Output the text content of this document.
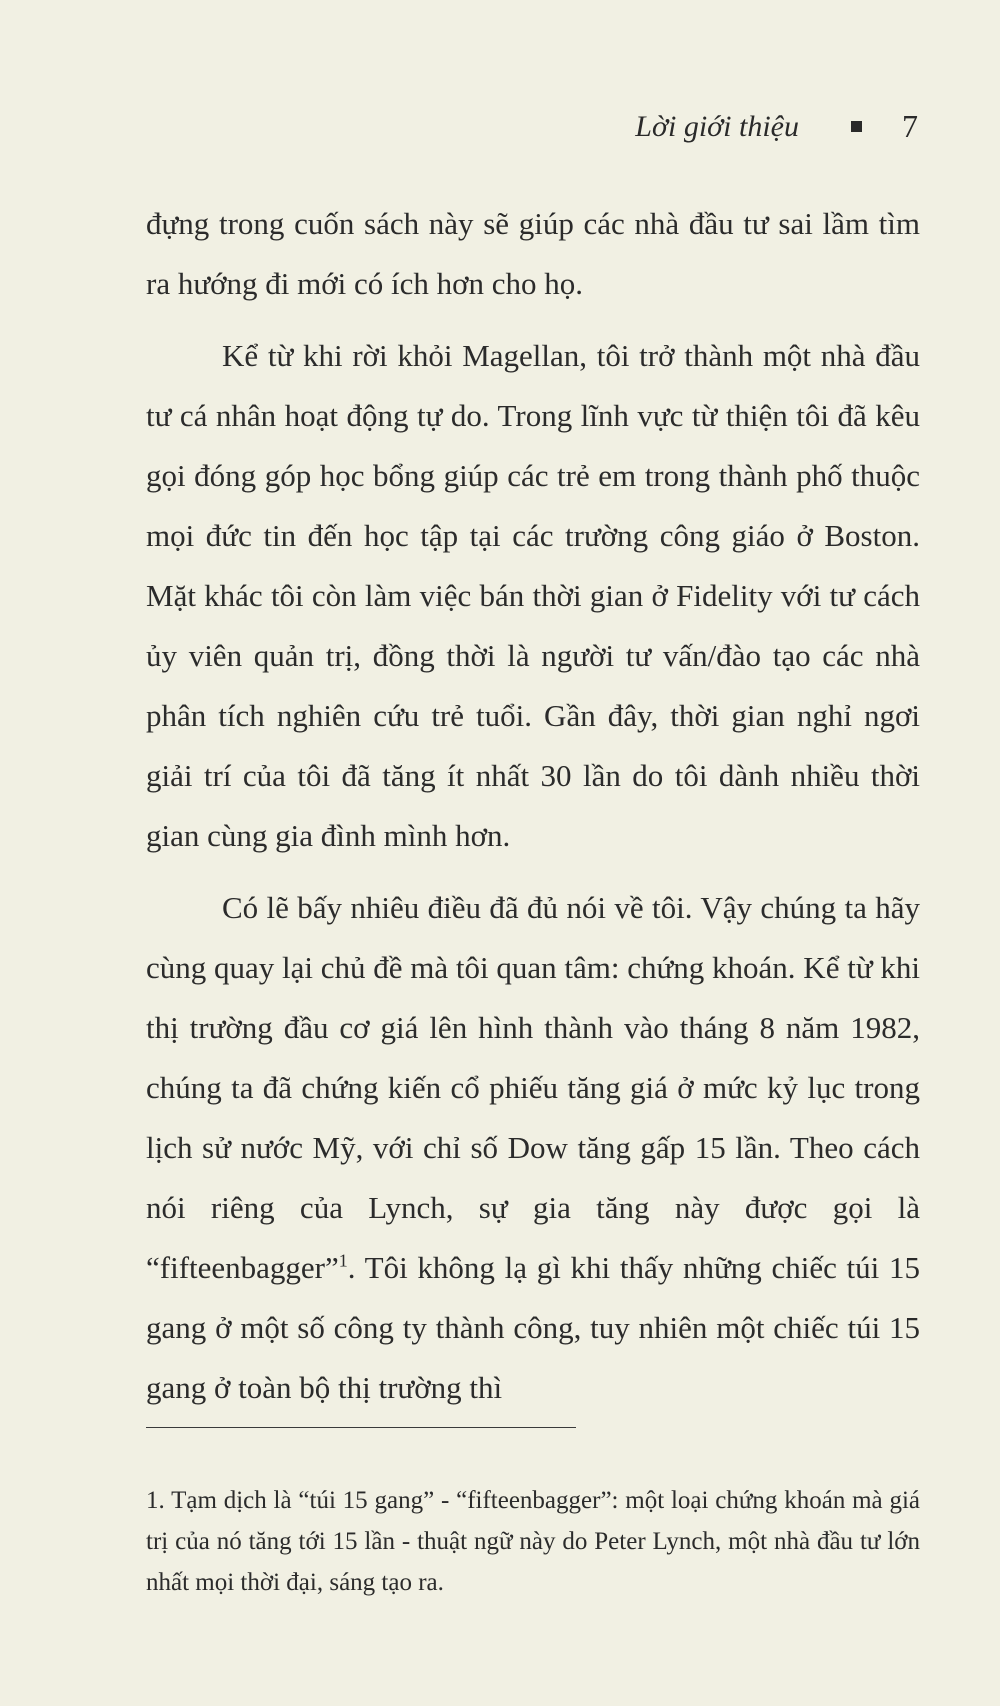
Lời giới thiệu	7

đựng trong cuốn sách này sẽ giúp các nhà đầu tư sai lầm tìm ra hướng đi mới có ích hơn cho họ.

Kể từ khi rời khỏi Magellan, tôi trở thành một nhà đầu tư cá nhân hoạt động tự do. Trong lĩnh vực từ thiện tôi đã kêu gọi đóng góp học bổng giúp các trẻ em trong thành phố thuộc mọi đức tin đến học tập tại các trường công giáo ở Boston. Mặt khác tôi còn làm việc bán thời gian ở Fidelity với tư cách ủy viên quản trị, đồng thời là người tư vấn/đào tạo các nhà phân tích nghiên cứu trẻ tuổi. Gần đây, thời gian nghỉ ngơi giải trí của tôi đã tăng ít nhất 30 lần do tôi dành nhiều thời gian cùng gia đình mình hơn.

Có lẽ bấy nhiêu điều đã đủ nói về tôi. Vậy chúng ta hãy cùng quay lại chủ đề mà tôi quan tâm: chứng khoán. Kể từ khi thị trường đầu cơ giá lên hình thành vào tháng 8 năm 1982, chúng ta đã chứng kiến cổ phiếu tăng giá ở mức kỷ lục trong lịch sử nước Mỹ, với chỉ số Dow tăng gấp 15 lần. Theo cách nói riêng của Lynch, sự gia tăng này được gọi là “fifteenbagger”$^1$. Tôi không lạ gì khi thấy những chiếc túi 15 gang ở một số công ty thành công, tuy nhiên một chiếc túi 15 gang ở toàn bộ thị trường thì

1. Tạm dịch là “túi 15 gang” - “fifteenbagger”: một loại chứng khoán mà giá trị của nó tăng tới 15 lần - thuật ngữ này do Peter Lynch, một nhà đầu tư lớn nhất mọi thời đại, sáng tạo ra.
